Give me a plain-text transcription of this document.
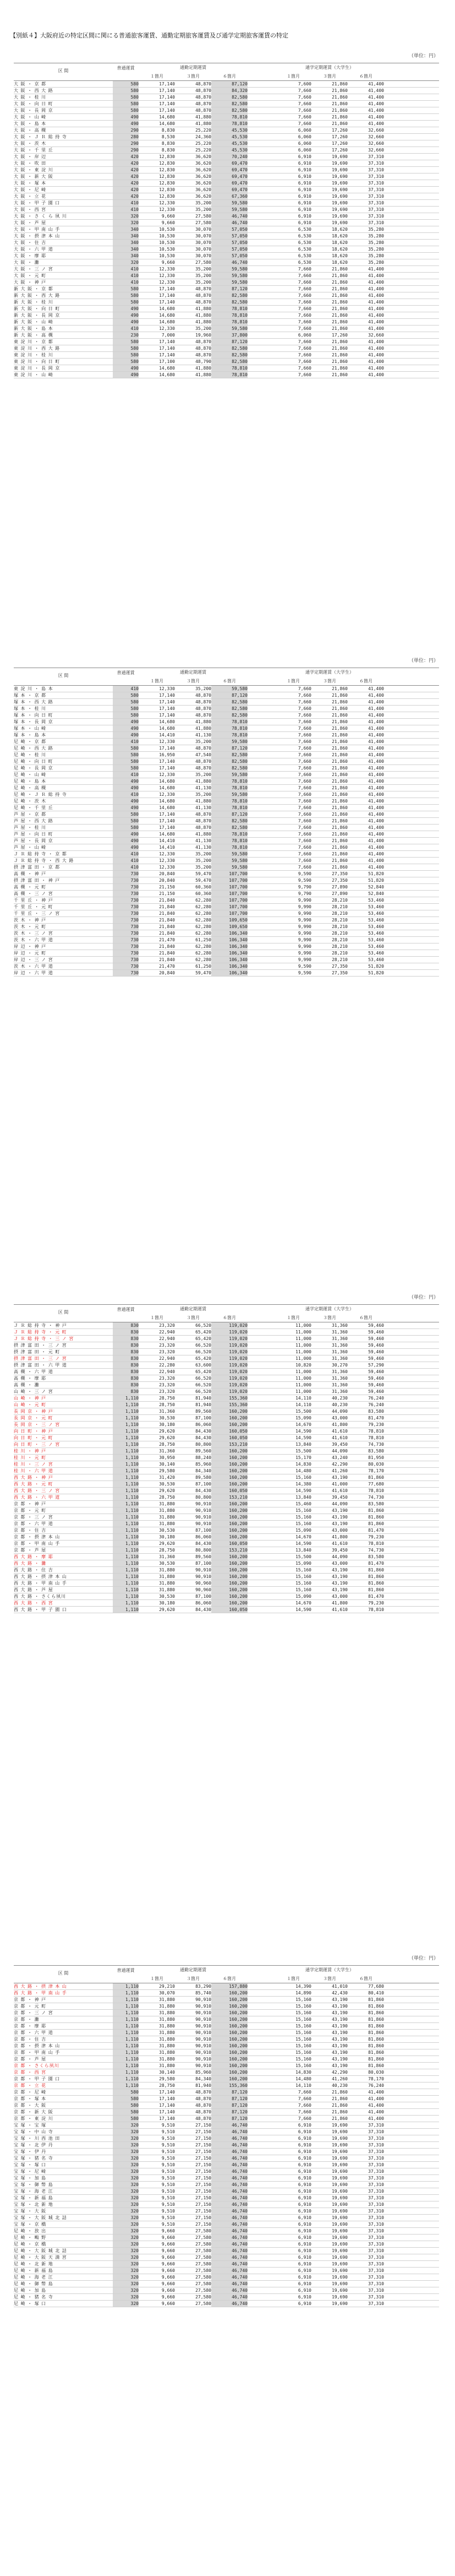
【別紙４】大阪府近の特定区間に関にる普通旅客運賃、通勤定期旅客運賃及び通学定期旅客運賃の特定
（単位：円）
区 間
普通運賃	通勤定期運賃	通学定期運賃（大学生）
１箇月	３箇月	６箇月	１箇月	３箇月	６箇月
大 阪 ・ 京 都	580	17,140	48,870	87,120		7,600	21,860	41,400	
大 阪 ・ 西 大 路	580	17,140	48,870	84,320		7,660	21,860	41,400	
大 阪 ・ 桂 川	580	17,140	48,870	82,580		7,660	21,860	41,400	
大 阪 ・ 向 日 町	580	17,140	48,870	82,580		7,660	21,860	41,400	
大 阪 ・ 長 岡 京	580	17,140	48,870	82,580		7,660	21,860	41,400	
大 阪 ・ 山 崎	490	14,680	41,880	78,810		7,660	21,860	41,400	
大 阪 ・ 島 本	490	14,680	41,880	78,810		7,660	21,860	41,400	
大 阪 ・ 高 槻	290	8,830	25,220	45,530		6,060	17,260	32,660	
大 阪 ・ Ｊ Ｒ 総 持 寺	280	8,530	24,360	45,530		6,060	17,260	32,660	
大 阪 ・ 茨 木	290	8,830	25,220	45,530		6,060	17,260	32,660	
大 阪 ・ 千 里 丘	290	8,830	25,220	45,530		6,060	17,260	32,660	
大 阪 ・ 岸 辺	420	12,830	36,620	70,240		6,910	19,690	37,310	
大 阪 ・ 吹 田	420	12,830	36,620	69,470		6,910	19,690	37,310	
大 阪 ・ 東 淀 川	420	12,830	36,620	69,470		6,910	19,690	37,310	
大 阪 ・ 新 大 阪	420	12,830	36,620	69,470		6,910	19,690	37,310	
大 阪 ・ 塚 本	420	12,830	36,620	69,470		6,910	19,690	37,310	
大 阪 ・ 尼 崎	420	12,830	36,620	69,470		6,910	19,690	37,310	
大 阪 ・ 立 花	420	12,830	36,620	67,360		6,910	19,690	37,310	
大 阪 ・ 甲 子 園 口	410	12,330	35,200	59,580		6,910	19,690	37,310	
大 阪 ・ 西 宮	410	12,330	35,200	59,580		6,910	19,690	37,310	
大 阪 ・ さ く ら 夙 川	320	9,660	27,580	46,740		6,910	19,690	37,310	
大 阪 ・ 芦 屋	320	9,660	27,580	46,740		6,910	19,690	37,310	
大 阪 ・ 甲 南 山 手	340	10,530	30,070	57,050		6,530	18,620	35,280	
大 阪 ・ 摂 津 本 山	340	10,530	30,070	57,050		6,530	18,620	35,280	
大 阪 ・ 住 吉	340	10,530	30,070	57,050		6,530	18,620	35,280	
大 阪 ・ 六 甲 道	340	10,530	30,070	57,050		6,530	18,620	35,280	
大 阪 ・ 摩 耶	340	10,530	30,070	57,050		6,530	18,620	35,280	
大 阪 ・ 灘	320	9,660	27,580	46,740		6,530	18,620	35,280	
大 阪 ・ 三 ノ 宮	410	12,330	35,200	59,580		7,660	21,860	41,400	
大 阪 ・ 元 町	410	12,330	35,200	59,580		7,660	21,860	41,400	
大 阪 ・ 神 戸	410	12,330	35,200	59,580		7,660	21,860	41,400	
新 大 阪 ・ 京 都	580	17,140	48,870	87,120		7,660	21,860	41,400	
新 大 阪 ・ 西 大 路	580	17,140	48,870	82,580		7,660	21,860	41,400	
新 大 阪 ・ 桂 川	580	17,140	48,870	82,580		7,660	21,860	41,400	
新 大 阪 ・ 向 日 町	490	14,680	41,880	78,810		7,660	21,860	41,400	
新 大 阪 ・ 長 岡 京	490	14,680	41,880	78,810		7,660	21,860	41,400	
新 大 阪 ・ 山 崎	490	14,680	41,880	78,810		7,660	21,860	41,400	
新 大 阪 ・ 島 本	410	12,330	35,200	59,580		7,660	21,860	41,400	
新 大 阪 ・ 高 槻	230	7,000	19,960	37,800		6,060	17,260	32,660	
東 淀 川 ・ 京 都	580	17,140	48,870	87,120		7,660	21,860	41,400	
東 淀 川 ・ 西 大 路	580	17,140	48,870	82,580		7,660	21,860	41,400	
東 淀 川 ・ 桂 川	580	17,140	48,870	82,580		7,660	21,860	41,400	
東 淀 川 ・ 向 日 町	580	17,100	48,790	82,580		7,660	21,860	41,400	
東 淀 川 ・ 長 岡 京	490	14,680	41,880	78,810		7,660	21,860	41,400	
東 淀 川 ・ 山 崎	490	14,680	41,880	78,810		7,660	21,860	41,400	
（単位：円）
区 間
普通運賃	通勤定期運賃	通学定期運賃（大学生）
１箇月	３箇月	６箇月	１箇月	３箇月	６箇月
東 淀 川 ・ 島 本	410	12,330	35,200	59,580		7,660	21,860	41,400	
塚 本 ・ 京 都	580	17,140	48,870	87,120		7,660	21,860	41,400	
塚 本 ・ 西 大 路	580	17,140	48,870	82,580		7,660	21,860	41,400	
塚 本 ・ 桂 川	580	17,140	48,870	82,580		7,660	21,860	41,400	
塚 本 ・ 向 日 町	580	17,140	48,870	82,580		7,660	21,860	41,400	
塚 本 ・ 長 岡 京	490	14,680	41,880	78,810		7,660	21,860	41,400	
塚 本 ・ 山 崎	490	14,680	41,880	78,810		7,660	21,860	41,400	
塚 本 ・ 島 本	490	14,410	41,130	78,810		7,660	21,860	41,400	
尼 崎 ・ 京 都	410	12,330	35,200	59,580		7,660	21,860	41,400	
尼 崎 ・ 西 大 路	580	17,140	48,870	87,120		7,660	21,860	41,400	
尼 崎 ・ 桂 川	580	16,950	47,540	82,580		7,660	21,860	41,400	
尼 崎 ・ 向 日 町	580	17,140	48,870	82,580		7,660	21,860	41,400	
尼 崎 ・ 長 岡 京	580	17,140	48,870	82,580		7,660	21,860	41,400	
尼 崎 ・ 山 崎	410	12,330	35,200	59,580		7,660	21,860	41,400	
尼 崎 ・ 島 本	490	14,680	41,880	78,810		7,660	21,860	41,400	
尼 崎 ・ 高 槻	490	14,680	41,130	78,810		7,660	21,860	41,400	
尼 崎 ・ Ｊ Ｒ 総 持 寺	410	12,330	35,200	59,580		7,660	21,860	41,400	
尼 崎 ・ 茨 木	490	14,680	41,880	78,810		7,660	21,860	41,400	
尼 崎 ・ 千 里 丘	490	14,680	41,130	78,810		7,660	21,860	41,400	
芦 屋 ・ 京 都	580	17,140	48,870	87,120		7,660	21,860	41,400	
芦 屋 ・ 西 大 路	580	17,140	48,870	82,580		7,660	21,860	41,400	
芦 屋 ・ 桂 川	580	17,140	48,870	82,580		7,660	21,860	41,400	
芦 屋 ・ 向 日 町	490	14,680	41,880	78,810		7,660	21,860	41,400	
芦 屋 ・ 長 岡 京	490	14,410	41,130	78,810		7,660	21,860	41,400	
芦 屋 ・ 山 崎	490	14,410	41,130	78,810		7,660	21,860	41,400	
Ｊ Ｒ 総 持 寺 ・ 京 都	410	12,330	35,200	59,580		7,660	21,860	41,400	
Ｊ Ｒ 総 持 寺 ・ 西 大 路	410	12,330	35,200	59,580		7,660	21,860	41,400	
摂 津 富 田 ・ 京 都	410	12,330	35,200	59,580		7,660	21,860	41,400	
高 槻 ・ 神 戸	730	20,840	59,470	107,700		9,590	27,350	51,820	
摂 津 富 田 ・ 神 戸	730	20,840	59,470	107,700		9,590	27,350	51,820	
高 槻 ・ 元 町	730	21,150	60,360	107,700		9,790	27,890	52,840	
高 槻 ・ 三 ノ 宮	730	21,150	60,360	107,700		9,790	27,890	52,840	
千 里 丘 ・ 神 戸	730	21,840	62,280	107,700		9,990	28,210	53,460	
千 里 丘 ・ 元 町	730	21,840	62,280	107,700		9,990	28,210	53,460	
千 里 丘 ・ 三 ノ 宮	730	21,840	62,280	107,700		9,990	28,210	53,460	
茨 木 ・ 神 戸	730	21,840	62,280	109,650		9,990	28,210	53,460	
茨 木 ・ 元 町	730	21,840	62,280	109,650		9,990	28,210	53,460	
茨 木 ・ 三 ノ 宮	730	21,840	62,280	106,340		9,990	28,210	53,460	
茨 木 ・ 六 甲 道	730	21,470	61,250	106,340		9,990	28,210	53,460	
岸 辺 ・ 神 戸	730	21,840	62,280	106,340		9,990	28,210	53,460	
岸 辺 ・ 元 町	730	21,840	62,280	106,340		9,990	28,210	53,460	
岸 辺 ・ 三 ノ 宮	730	21,840	62,280	106,340		9,990	28,210	53,460	
茨 木 ・ 六 甲 道	730	21,470	61,250	106,340		9,590	27,350	51,820	
岸 辺 ・ 六 甲 道	730	20,840	59,470	106,340		9,590	27,350	51,820	
（単位：円）
区 間
普通運賃	通勤定期運賃	通学定期運賃（大学生）
１箇月	３箇月	６箇月	１箇月	３箇月	６箇月
Ｊ Ｒ 総 持 寺 ・ 神 戸	830	23,320	66,520	119,020		11,000	31,360	59,460	
Ｊ Ｒ 総 持 寺 ・ 元 町	830	22,940	65,420	119,020		11,000	31,360	59,460	
Ｊ Ｒ 総 持 寺 ・ 三 ノ 宮	830	22,940	65,420	119,020		11,000	31,360	59,460	
摂 津 富 田 ・ 三 ノ 宮	830	23,320	66,520	119,020		11,000	31,360	59,460	
摂 津 富 田 ・ 元 町	830	23,320	66,520	119,020		11,000	31,360	59,460	
摂 津 富 田 ・ 三 ノ 宮	830	22,940	65,420	119,020		11,000	31,360	59,460	
摂 津 富 田 ・ 六 甲 道	830	22,280	63,600	119,020		10,820	30,270	57,290	
高 槻 ・ 六 甲 道	830	22,940	65,420	119,020		11,000	31,360	59,460	
高 槻 ・ 摩 耶	830	23,320	66,520	119,020		11,000	31,360	59,460	
高 槻 ・ 灘	830	23,320	66,520	119,020		11,000	31,360	59,460	
山 崎 ・ 三 ノ 宮	830	23,320	66,520	119,020		11,000	31,360	59,460	
山 崎 ・ 神 戸	1,110	28,750	81,940	155,360		14,110	40,230	76,240	
山 崎 ・ 元 町	1,110	28,750	81,940	155,360		14,110	40,230	76,240	
長 岡 京 ・ 神 戸	1,110	31,360	89,560	160,200		15,500	44,090	83,580	
長 岡 京 ・ 元 町	1,110	30,530	87,100	160,200		15,090	43,000	81,470	
長 岡 京 ・ 三 ノ 宮	1,110	30,180	86,060	160,200		14,670	41,800	79,230	
向 日 町 ・ 神 戸	1,110	29,620	84,430	160,050		14,590	41,610	78,810	
向 日 町 ・ 元 町	1,110	29,620	84,430	160,050		14,590	41,610	78,810	
向 日 町 ・ 三 ノ 宮	1,110	28,750	80,800	153,210		13,840	39,450	74,730	
桂 川 ・ 神 戸	1,110	31,360	89,560	160,200		15,500	44,090	83,580	
桂 川 ・ 元 町	1,110	30,950	88,240	160,200		15,170	43,240	81,950	
桂 川 ・ 三 ノ 宮	1,110	30,140	85,960	160,200		14,830	42,290	80,030	
桂 川 ・ 六 甲 道	1,110	29,580	84,340	160,200		14,480	41,260	78,170	
西 大 路 ・ 神 戸	1,110	31,420	89,580	160,200		15,160	43,190	81,860	
西 大 路 ・ 元 町	1,110	30,530	87,100	160,200		14,380	41,000	77,680	
西 大 路 ・ 三 ノ 宮	1,110	29,620	84,430	160,050		14,590	41,610	78,810	
西 大 路 ・ 六 甲 道	1,110	28,750	80,800	153,210		13,840	39,450	74,730	
京 都 ・ 神 戸	1,110	31,880	90,910	160,200		15,460	44,090	83,580	
京 都 ・ 元 町	1,110	31,880	90,910	160,200		15,160	43,190	81,860	
京 都 ・ 三 ノ 宮	1,110	31,880	90,910	160,200		15,160	43,190	81,860	
京 都 ・ 六 甲 道	1,110	31,880	90,910	160,200		15,160	43,190	81,860	
京 都 ・ 住 吉	1,110	30,530	87,100	160,200		15,090	43,000	81,470	
京 都 ・ 摂 津 本 山	1,110	30,180	86,060	160,200		14,670	41,800	79,230	
京 都 ・ 甲 南 山 手	1,110	29,620	84,430	160,050		14,590	41,610	78,810	
京 都 ・ 芦 屋	1,110	28,750	80,800	153,210		13,840	39,450	74,730	
西 大 路 ・ 摩 耶	1,110	31,360	89,560	160,200		15,500	44,090	83,580	
西 大 路 ・ 灘	1,110	30,530	87,100	160,200		15,090	43,000	81,470	
西 大 路 ・ 住 吉	1,110	31,880	90,910	160,200		15,160	43,190	81,860	
西 大 路 ・ 摂 津 本 山	1,110	31,880	90,910	160,200		15,160	43,190	81,860	
西 大 路 ・ 甲 南 山 手	1,110	31,880	90,960	160,200		15,160	43,190	81,860	
西 大 路 ・ 芦 屋	1,110	31,880	90,960	160,200		15,160	43,190	81,860	
西 大 路 ・ さくら夙川	1,110	30,530	87,100	160,200		15,090	43,000	81,470	
西 大 路 ・ 西 宮	1,110	30,180	86,060	160,200		14,670	41,800	79,230	
西 大 路 ・ 甲 子 園 口	1,110	29,620	84,430	160,050		14,590	41,610	78,810	
（単位：円）
区 間
普通運賃	通勤定期運賃	通学定期運賃（大学生）
１箇月	３箇月	６箇月	１箇月	３箇月	６箇月
西 大 路 ・ 摂 津 本 山	1,110	29,210	83,290	157,880		14,390	41,010	77,680	
西 大 路 ・ 甲 南 山 手	1,110	30,070	85,740	160,200		14,890	42,430	80,410	
京 都 ・ 神 戸	1,110	31,880	90,910	160,200		15,160	43,190	81,860	
京 都 ・ 元 町	1,110	31,880	90,910	160,200		15,160	43,190	81,860	
京 都 ・ 三 ノ 宮	1,110	31,880	90,910	160,200		15,160	43,190	81,860	
京 都 ・ 灘	1,110	31,880	90,910	160,200		15,160	43,190	81,860	
京 都 ・ 摩 耶	1,110	31,880	90,910	160,200		15,160	43,190	81,860	
京 都 ・ 六 甲 道	1,110	31,880	90,910	160,200		15,160	43,190	81,860	
京 都 ・ 住 吉	1,110	31,880	90,910	160,200		15,160	43,190	81,860	
京 都 ・ 摂 津 本 山	1,110	31,880	90,910	160,200		15,160	43,190	81,860	
京 都 ・ 甲 南 山 手	1,110	31,880	90,910	160,200		15,160	43,190	81,860	
京 都 ・ 芦 屋	1,110	31,880	90,910	160,200		15,160	43,190	81,860	
京 都 ・ さくら夙川	1,110	31,880	90,910	160,200		15,160	43,190	81,860	
京 都 ・ 西 宮	1,110	30,140	85,960	160,200		14,830	42,290	80,030	
京 都 ・ 甲 子 園 口	1,110	29,580	84,340	160,200		14,480	41,260	78,170	
京 都 ・ 立 花	1,110	28,750	81,940	155,360		14,110	40,230	76,240	
京 都 ・ 尼 崎	580	17,140	48,870	87,120		7,660	21,860	41,400	
京 都 ・ 塚 本	580	17,140	48,870	87,120		7,660	21,860	41,400	
京 都 ・ 大 阪	580	17,140	48,870	87,120		7,660	21,860	41,400	
京 都 ・ 新 大 阪	580	17,140	48,870	87,120		7,660	21,860	41,400	
京 都 ・ 東 淀 川	580	17,140	48,870	87,120		7,660	21,860	41,400	
宝 塚 ・ 宝 塚	320	9,510	27,150	46,740		6,910	19,690	37,310	
宝 塚 ・ 中 山 寺	320	9,510	27,150	46,740		6,910	19,690	37,310	
宝 塚 ・ 川 西 池 田	320	9,510	27,150	46,740		6,910	19,690	37,310	
宝 塚 ・ 北 伊 丹	320	9,510	27,150	46,740		6,910	19,690	37,310	
宝 塚 ・ 伊 丹	320	9,510	27,150	46,740		6,910	19,690	37,310	
宝 塚 ・ 猪 名 寺	320	9,510	27,150	46,740		6,910	19,690	37,310	
宝 塚 ・ 塚 口	320	9,510	27,150	46,740		6,910	19,690	37,310	
宝 塚 ・ 尼 崎	320	9,510	27,150	46,740		6,910	19,690	37,310	
宝 塚 ・ 加 島	320	9,510	27,150	46,740		6,910	19,690	37,310	
宝 塚 ・ 御 幣 島	320	9,510	27,150	46,740		6,910	19,690	37,310	
宝 塚 ・ 海 老 江	320	9,510	27,150	46,740		6,910	19,690	37,310	
宝 塚 ・ 新 福 島	320	9,510	27,150	46,740		6,910	19,690	37,310	
宝 塚 ・ 北 新 地	320	9,510	27,150	46,740		6,910	19,690	37,310	
宝 塚 ・ 大 阪	320	9,510	27,150	46,740		6,910	19,690	37,310	
宝 塚 ・ 大 阪 城 北 詰	320	9,510	27,150	46,740		6,910	19,690	37,310	
宝 塚 ・ 京 橋	320	9,510	27,150	46,740		6,910	19,690	37,310	
尼 崎 ・ 放 出	320	9,660	27,580	46,740		6,910	19,690	37,310	
尼 崎 ・ 鴫 野	320	9,660	27,580	46,740		6,910	19,690	37,310	
尼 崎 ・ 京 橋	320	9,660	27,580	46,740		6,910	19,690	37,310	
尼 崎 ・ 大 阪 城 北 詰	320	9,660	27,580	46,740		6,910	19,690	37,310	
尼 崎 ・ 大 阪 天 満 宮	320	9,660	27,580	46,740		6,910	19,690	37,310	
尼 崎 ・ 北 新 地	320	9,660	27,580	46,740		6,910	19,690	37,310	
尼 崎 ・ 新 福 島	320	9,660	27,580	46,740		6,910	19,690	37,310	
尼 崎 ・ 海 老 江	320	9,660	27,580	46,740		6,910	19,690	37,310	
尼 崎 ・ 御 幣 島	320	9,660	27,580	46,740		6,910	19,690	37,310	
尼 崎 ・ 加 島	320	9,660	27,580	46,740		6,910	19,690	37,310	
尼 崎 ・ 猪 名 寺	320	9,660	27,580	46,740		6,910	19,690	37,310	
尼 崎 ・ 塚 口	320	9,660	27,580	46,740		6,910	19,690	37,310	
